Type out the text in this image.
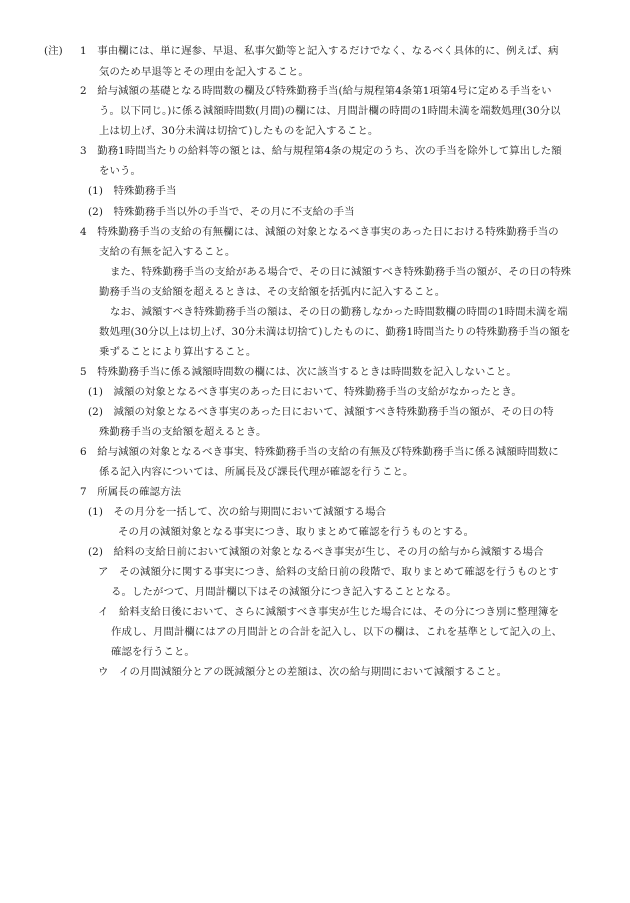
(注) 1　事由欄には、単に遅参、早退、私事欠勤等と記入するだけでなく、なるべく具体的に、例えば、病
気のため早退等とその理由を記入すること。
2　給与減額の基礎となる時間数の欄及び特殊勤務手当(給与規程第4条第1項第4号に定める手当をい
う。以下同じ。)に係る減額時間数(月間)の欄には、月間計欄の時間の1時間未満を端数処理(30分以
上は切上げ、30分未満は切捨て)したものを記入すること。
3　勤務1時間当たりの給料等の額とは、給与規程第4条の規定のうち、次の手当を除外して算出した額
をいう。
(1)　特殊勤務手当
(2)　特殊勤務手当以外の手当で、その月に不支給の手当
4　特殊勤務手当の支給の有無欄には、減額の対象となるべき事実のあった日における特殊勤務手当の
支給の有無を記入すること。
また、特殊勤務手当の支給がある場合で、その日に減額すべき特殊勤務手当の額が、その日の特殊
勤務手当の支給額を超えるときは、その支給額を括弧内に記入すること。
なお、減額すべき特殊勤務手当の額は、その日の勤務しなかった時間数欄の時間の1時間未満を端
数処理(30分以上は切上げ、30分未満は切捨て)したものに、勤務1時間当たりの特殊勤務手当の額を
乗ずることにより算出すること。
5　特殊勤務手当に係る減額時間数の欄には、次に該当するときは時間数を記入しないこと。
(1)　減額の対象となるべき事実のあった日において、特殊勤務手当の支給がなかったとき。
(2)　減額の対象となるべき事実のあった日において、減額すべき特殊勤務手当の額が、その日の特
殊勤務手当の支給額を超えるとき。
6　給与減額の対象となるべき事実、特殊勤務手当の支給の有無及び特殊勤務手当に係る減額時間数に
係る記入内容については、所属長及び課長代理が確認を行うこと。
7　所属長の確認方法
(1)　その月分を一括して、次の給与期間において減額する場合
その月の減額対象となる事実につき、取りまとめて確認を行うものとする。
(2)　給料の支給日前において減額の対象となるべき事実が生じ、その月の給与から減額する場合
ア　その減額分に関する事実につき、給料の支給日前の段階で、取りまとめて確認を行うものとす
る。したがつて、月間計欄以下はその減額分につき記入することとなる。
イ　給料支給日後において、さらに減額すべき事実が生じた場合には、その分につき別に整理簿を
作成し、月間計欄にはアの月間計との合計を記入し、以下の欄は、これを基準として記入の上、
確認を行うこと。
ウ　イの月間減額分とアの既減額分との差額は、次の給与期間において減額すること。
